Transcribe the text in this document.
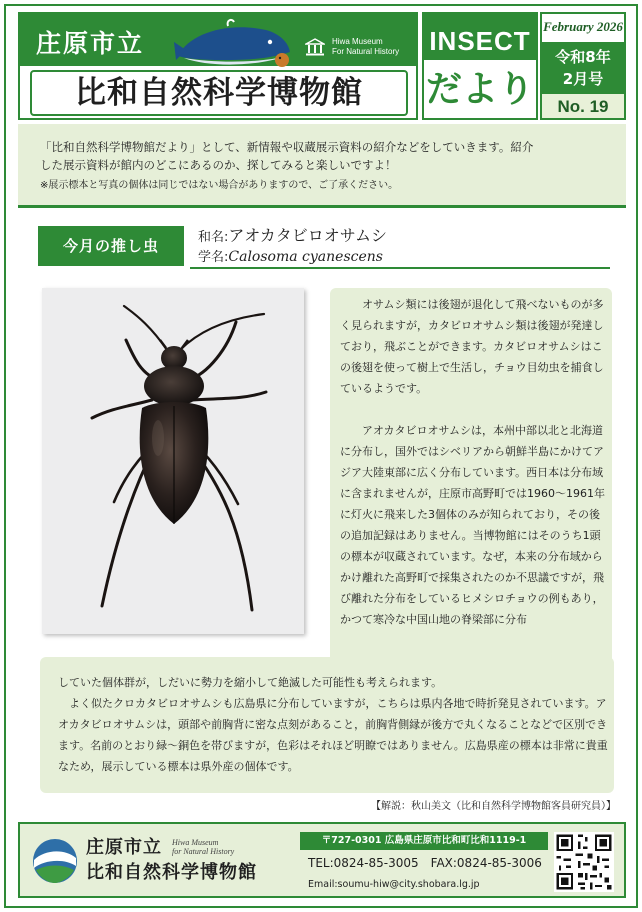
庄原市立	Hiwa Museum
For Natural History
比和自然科学博物館
INSECT
だより
February 2026
令和8年
2月号
No. 19

「比和自然科学博物館だより」として、新情報や収蔵展示資料の紹介などをしていきます。紹介

した展示資料が館内のどこにあるのか、探してみると楽しいですよ！

※展示標本と写真の個体は同じではない場合がありますので、ご了承ください。

今月の推し虫	和名:アオカタビロオサムシ
学名:Calosoma cyanescens

オサムシ類には後翅が退化して飛べないものが多く見られますが，カタビロオサムシ類は後翅が発達しており，飛ぶことができます。カタビロオサムシはこの後翅を使って樹上で生活し，チョウ目幼虫を捕食しているようです。

アオカタビロオサムシは，本州中部以北と北海道に分布し，国外ではシベリアから朝鮮半島にかけてアジア大陸東部に広く分布しています。西日本は分布域に含まれませんが，庄原市高野町では1960～1961年に灯火に飛来した3個体のみが知られており，その後の追加記録はありません。当博物館にはそのうち1頭の標本が収蔵されています。なぜ，本来の分布域からかけ離れた高野町で採集されたのか不思議ですが，飛び離れた分布をしているヒメシロチョウの例もあり，かつて寒冷な中国山地の脊梁部に分布

していた個体群が，しだいに勢力を縮小して絶滅した可能性も考えられます。

よく似たクロカタビロオサムシも広島県に分布していますが，こちらは県内各地で時折発見されています。アオカタビロオサムシは，頭部や前胸背に密な点刻があること，前胸背側縁が後方で丸くなることなどで区別できます。名前のとおり緑～銅色を帯びますが，色彩はそれほど明瞭ではありません。広島県産の標本は非常に貴重なため，展示している標本は県外産の個体です。

【解説：秋山美文（比和自然科学博物館客員研究員）】
庄原市立 Hiwa Museum
for Natural History
比和自然科学博物館
〒727-0301 広島県庄原市比和町比和1119-1
TEL:0824-85-3005　FAX:0824-85-3006
Email:soumu-hiw@city.shobara.lg.jp
